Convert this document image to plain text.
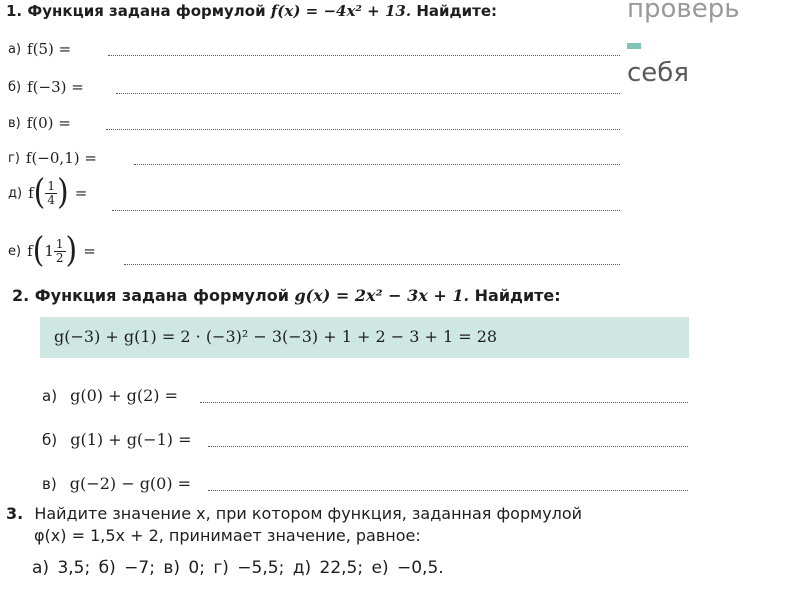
1. Функция задана формулой f(x) = −4x² + 13. Найдите:
а) f(5) =
б) f(−3) =
в) f(0) =
г) f(−0,1) =
д) f ( $\frac{1}{4}$ ) =
е) f ( $1 \frac{1}{2}$ ) =
проверь
себя
2. Функция задана формулой g(x) = 2x² − 3x + 1. Найдите:
g(−3) + g(1) = 2 · (−3)² − 3(−3) + 1 + 2 − 3 + 1 = 28
а) g(0) + g(2) =
б) g(1) + g(−1) =
в) g(−2) − g(0) =
3. Найдите значение x, при котором функция, заданная формулой
φ(x) = 1,5x + 2, принимает значение, равное:
а) 3,5; б) −7; в) 0; г) −5,5; д) 22,5; е) −0,5.
